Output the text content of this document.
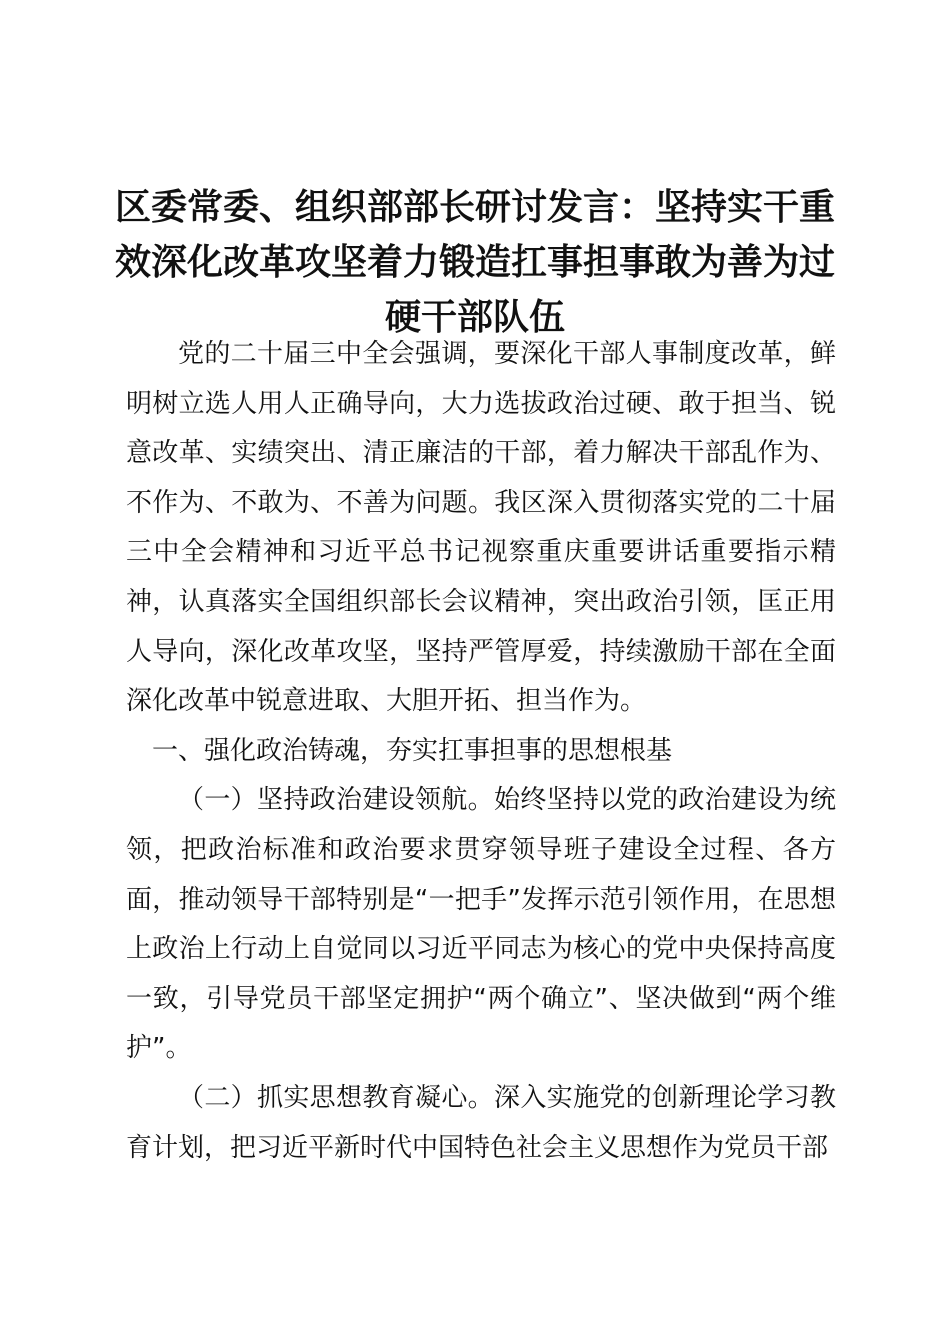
区委常委、组织部部长研讨发言：坚持实干重效深化改革攻坚着力锻造扛事担事敢为善为过硬干部队伍

党的二十届三中全会强调，要深化干部人事制度改革，鲜明树立选人用人正确导向，大力选拔政治过硬、敢于担当、锐意改革、实绩突出、清正廉洁的干部，着力解决干部乱作为、不作为、不敢为、不善为问题。我区深入贯彻落实党的二十届三中全会精神和习近平总书记视察重庆重要讲话重要指示精神，认真落实全国组织部长会议精神，突出政治引领，匡正用人导向，深化改革攻坚，坚持严管厚爱，持续激励干部在全面深化改革中锐意进取、大胆开拓、担当作为。

一、强化政治铸魂，夯实扛事担事的思想根基

（一）坚持政治建设领航。始终坚持以党的政治建设为统领，把政治标准和政治要求贯穿领导班子建设全过程、各方面，推动领导干部特别是“一把手”发挥示范引领作用，在思想上政治上行动上自觉同以习近平同志为核心的党中央保持高度一致，引导党员干部坚定拥护“两个确立”、坚决做到“两个维护”。

（二）抓实思想教育凝心。深入实施党的创新理论学习教育计划，把习近平新时代中国特色社会主义思想作为党员干部
